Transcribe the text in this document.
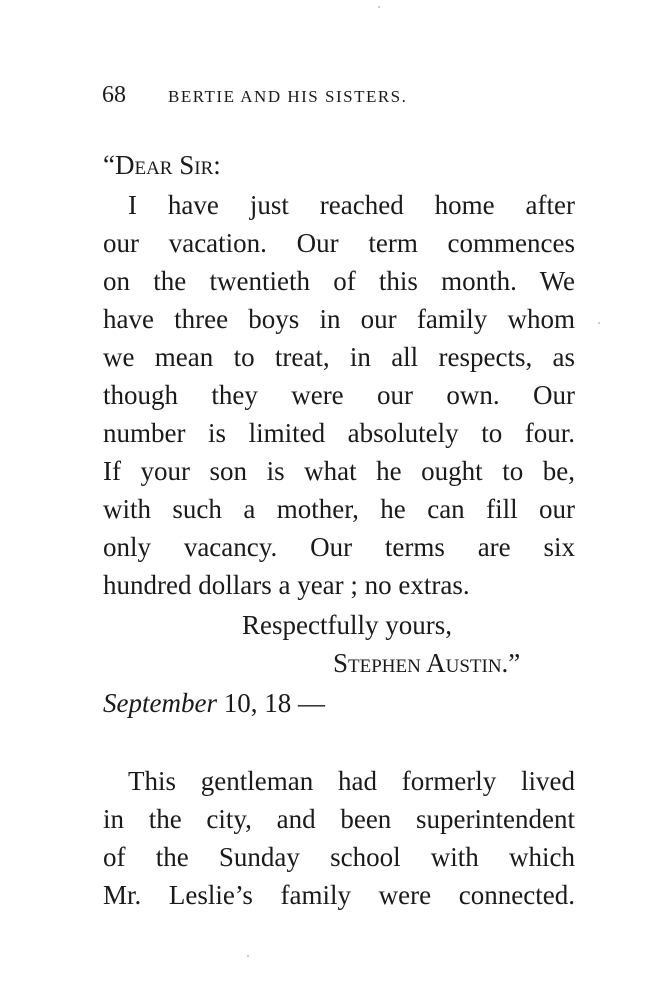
68 BERTIE AND HIS SISTERS.
“Dear Sir:
I have just reached home after
our vacation. Our term commences
on the twentieth of this month. We
have three boys in our family whom
we mean to treat, in all respects, as
though they were our own. Our
number is limited absolutely to four.
If your son is what he ought to be,
with such a mother, he can fill our
only vacancy. Our terms are six
hundred dollars a year ; no extras.
Respectfully yours,
Stephen Austin.”
September 10, 18 —
This gentleman had formerly lived
in the city, and been superintendent
of the Sunday school with which
Mr. Leslie’s family were connected.
